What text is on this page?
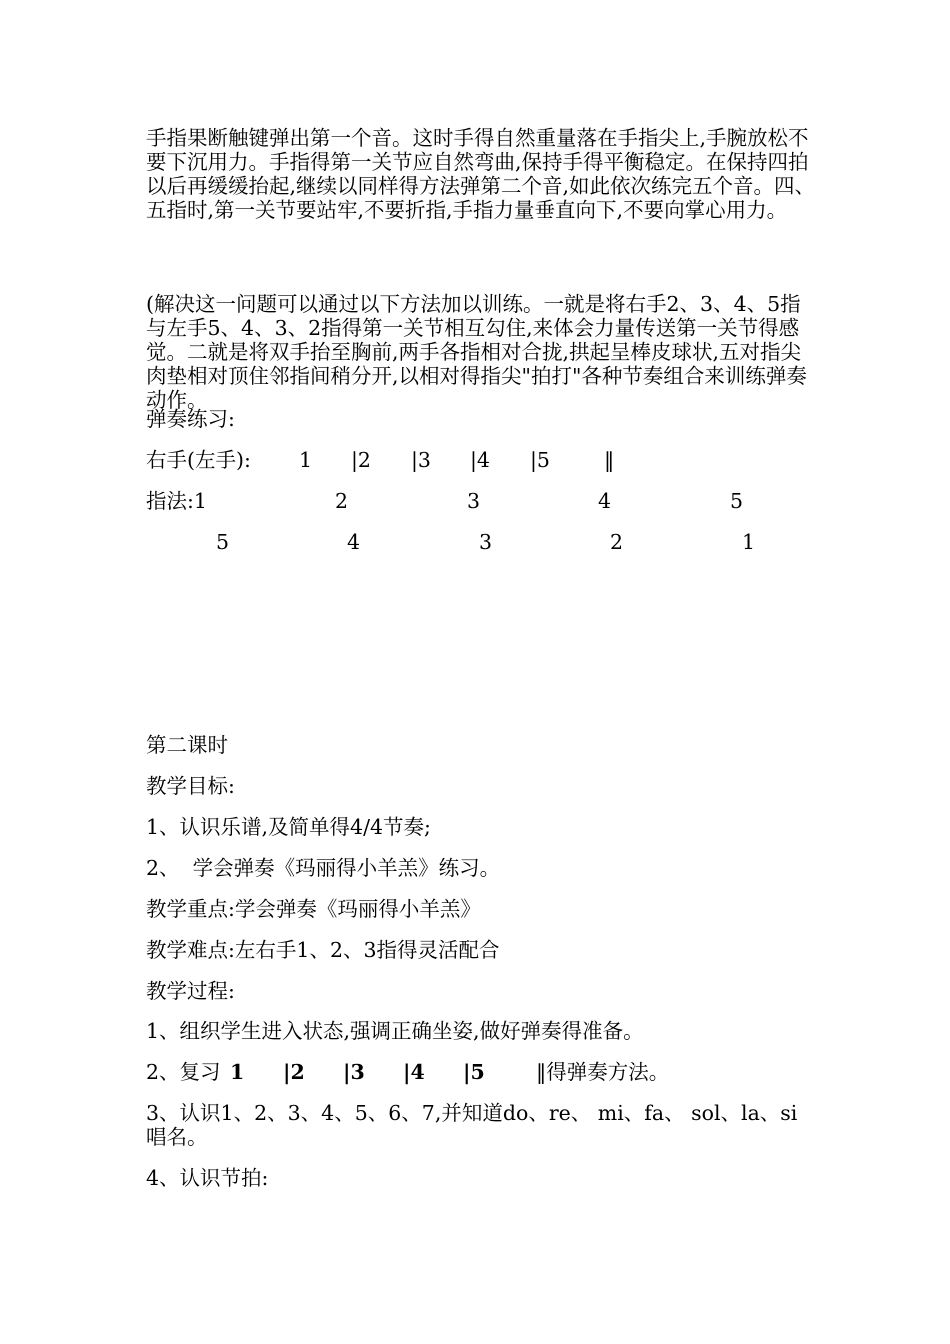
手指果断触键弹出第一个音。这时手得自然重量落在手指尖上,手腕放松不要下沉用力。手指得第一关节应自然弯曲,保持手得平衡稳定。在保持四拍以后再缓缓抬起,继续以同样得方法弹第二个音,如此依次练完五个音。四、五指时,第一关节要站牢,不要折指,手指力量垂直向下,不要向掌心用力。

(解决这一问题可以通过以下方法加以训练。一就是将右手2、3、4、5指与左手5、4、3、2指得第一关节相互勾住,来体会力量传送第一关节得感觉。二就是将双手抬至胸前,两手各指相对合拢,拱起呈棒皮球状,五对指尖肉垫相对顶住邻指间稍分开,以相对得指尖"拍打"各种节奏组合来训练弹奏动作。

弹奏练习:
右手(左手): 1 |2 |3 |4 |5	‖
指法:1	2	3	4	5
5	4	3	2	1
第二课时
教学目标:
1、认识乐谱,及简单得4/4节奏;
2、  学会弹奏《玛丽得小羊羔》练习。
教学重点:学会弹奏《玛丽得小羊羔》
教学难点:左右手1、2、3指得灵活配合
教学过程:
1、组织学生进入状态,强调正确坐姿,做好弹奏得准备。
2、复习 1 |2 |3 |4 |5	‖得弹奏方法。

3、认识1、2、3、4、5、6、7,并知道do、re、 mi、fa、 sol、la、si唱名。

4、认识节拍:
